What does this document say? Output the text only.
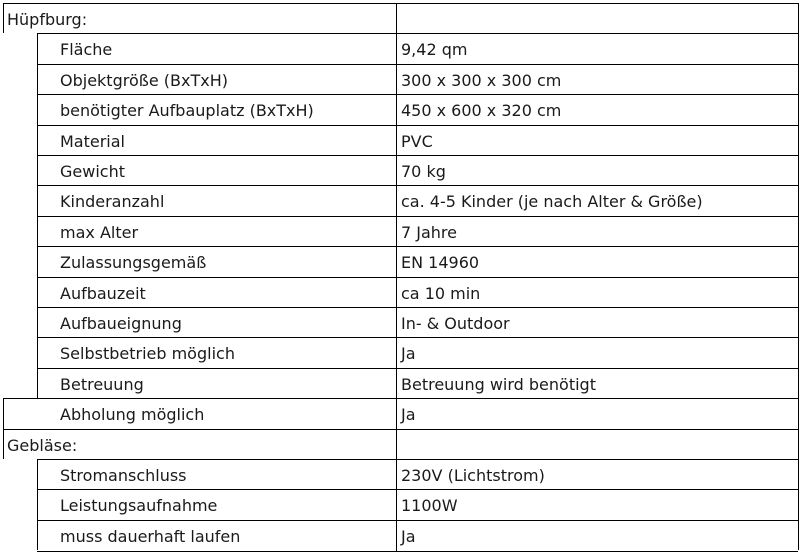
Hüpfburg:
Fläche	9,42 qm
Objektgröße (BxTxH)	300 x 300 x 300 cm
benötigter Aufbauplatz (BxTxH)	450 x 600 x 320 cm
Material	PVC
Gewicht	70 kg
Kinderanzahl	ca. 4-5 Kinder (je nach Alter & Größe)
max Alter	7 Jahre
Zulassungsgemäß	EN 14960
Aufbauzeit	ca 10 min
Aufbaueignung	In- & Outdoor
Selbstbetrieb möglich	Ja
Betreuung	Betreuung wird benötigt
Abholung möglich	Ja
Gebläse:
Stromanschluss	230V (Lichtstrom)
Leistungsaufnahme	1100W
muss dauerhaft laufen	Ja
